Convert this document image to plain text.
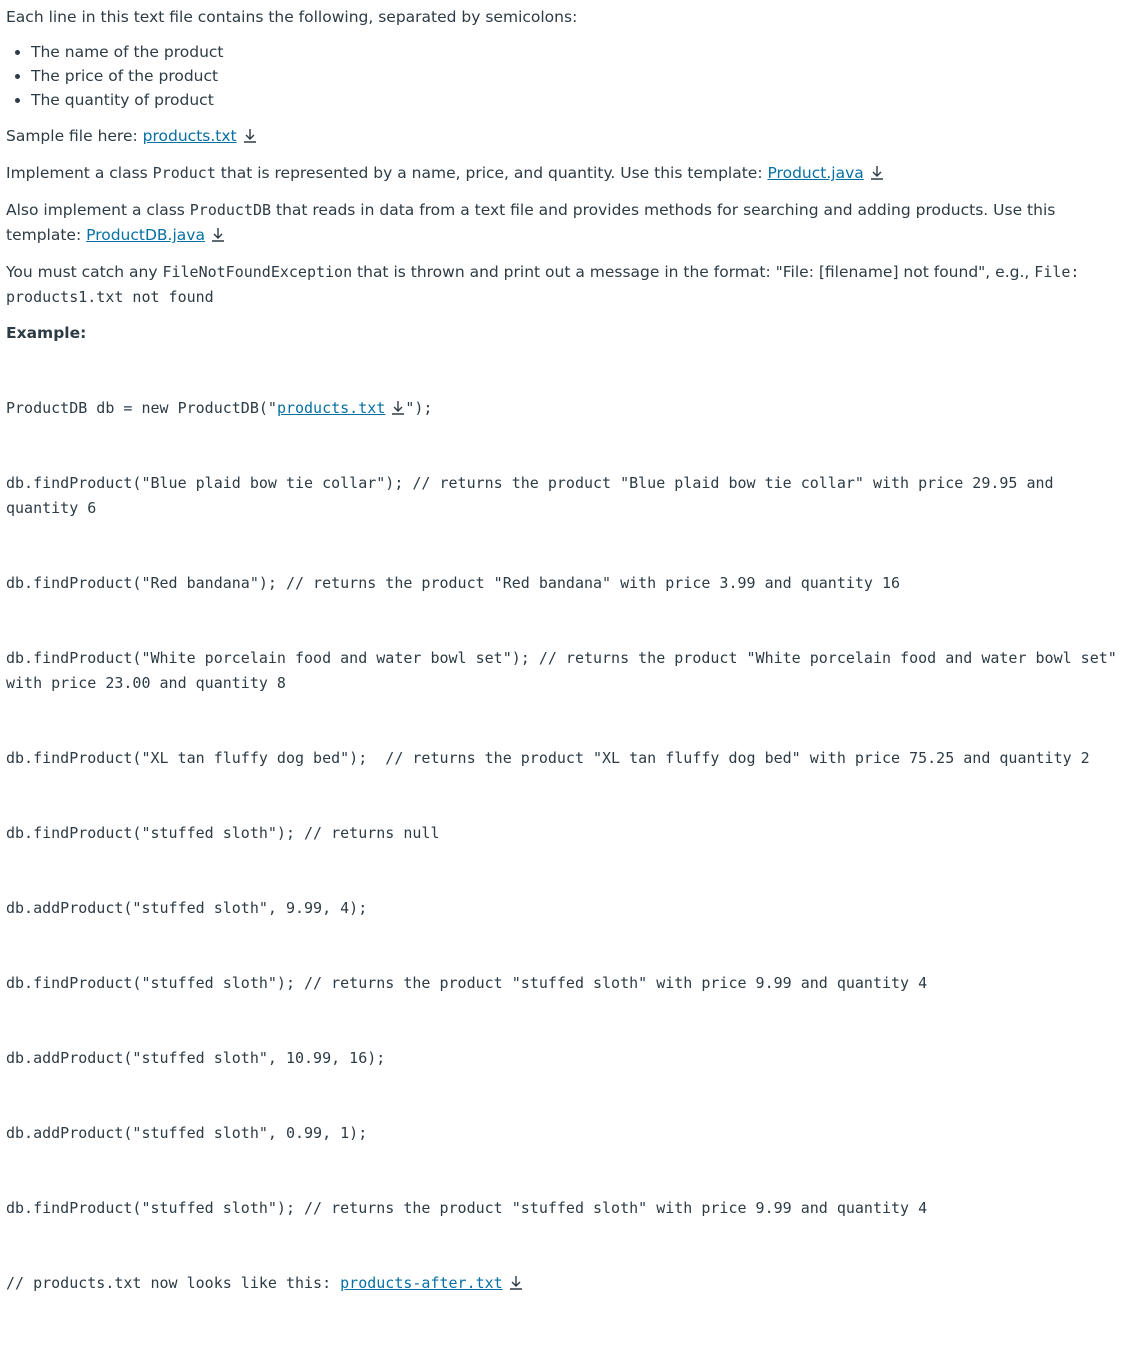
Each line in this text file contains the following, separated by semicolons:

• The name of the product
• The price of the product
• The quantity of product

Sample file here: products.txt

Implement a class Product that is represented by a name, price, and quantity. Use this template: Product.java

Also implement a class ProductDB that reads in data from a text file and provides methods for searching and adding products. Use this template: ProductDB.java

You must catch any FileNotFoundException that is thrown and print out a message in the format: "File: [filename] not found", e.g., File: products1.txt not found

Example:

ProductDB db = new ProductDB("products.txt ");

db.findProduct("Blue plaid bow tie collar"); // returns the product "Blue plaid bow tie collar" with price 29.95 and quantity 6

db.findProduct("Red bandana"); // returns the product "Red bandana" with price 3.99 and quantity 16

db.findProduct("White porcelain food and water bowl set"); // returns the product "White porcelain food and water bowl set" with price 23.00 and quantity 8

db.findProduct("XL tan fluffy dog bed");  // returns the product "XL tan fluffy dog bed" with price 75.25 and quantity 2

db.findProduct("stuffed sloth"); // returns null

db.addProduct("stuffed sloth", 9.99, 4);

db.findProduct("stuffed sloth"); // returns the product "stuffed sloth" with price 9.99 and quantity 4

db.addProduct("stuffed sloth", 10.99, 16);

db.addProduct("stuffed sloth", 0.99, 1);

db.findProduct("stuffed sloth"); // returns the product "stuffed sloth" with price 9.99 and quantity 4

// products.txt now looks like this: products-after.txt
